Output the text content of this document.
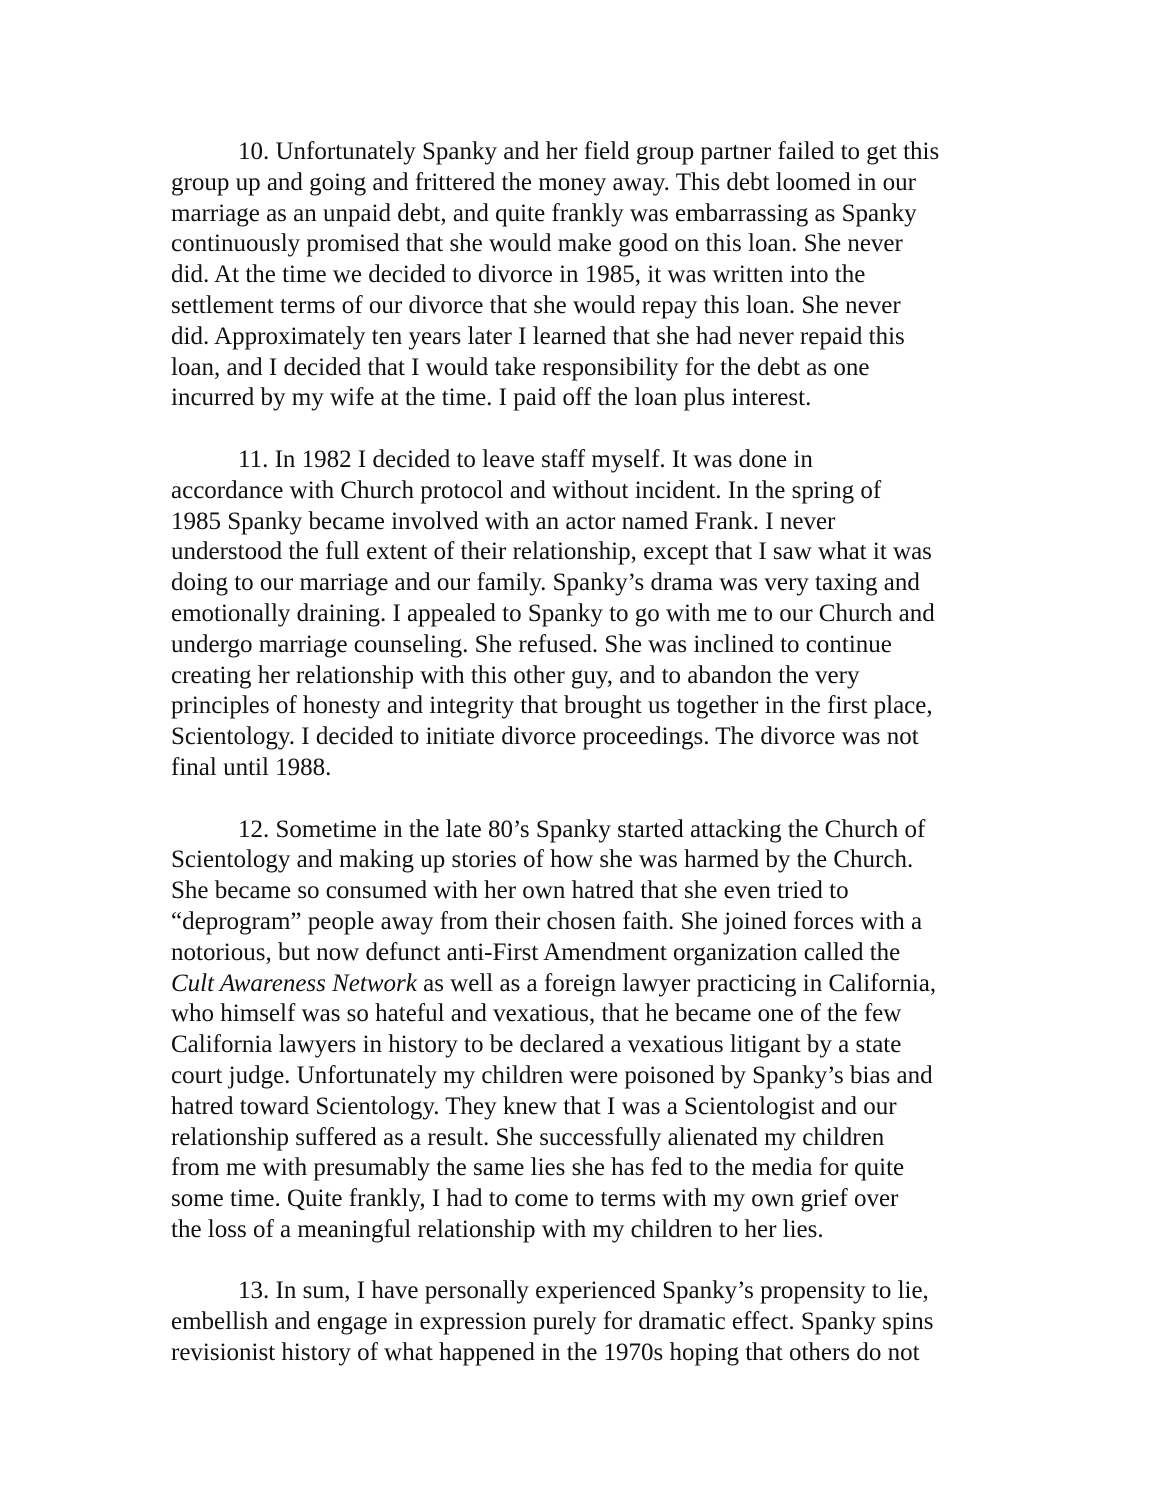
10. Unfortunately Spanky and her field group partner failed to get this
group up and going and frittered the money away. This debt loomed in our
marriage as an unpaid debt, and quite frankly was embarrassing as Spanky
continuously promised that she would make good on this loan. She never
did. At the time we decided to divorce in 1985, it was written into the
settlement terms of our divorce that she would repay this loan. She never
did. Approximately ten years later I learned that she had never repaid this
loan, and I decided that I would take responsibility for the debt as one
incurred by my wife at the time. I paid off the loan plus interest.

11. In 1982 I decided to leave staff myself. It was done in
accordance with Church protocol and without incident. In the spring of
1985 Spanky became involved with an actor named Frank. I never
understood the full extent of their relationship, except that I saw what it was
doing to our marriage and our family. Spanky’s drama was very taxing and
emotionally draining. I appealed to Spanky to go with me to our Church and
undergo marriage counseling. She refused. She was inclined to continue
creating her relationship with this other guy, and to abandon the very
principles of honesty and integrity that brought us together in the first place,
Scientology. I decided to initiate divorce proceedings. The divorce was not
final until 1988.

12. Sometime in the late 80’s Spanky started attacking the Church of
Scientology and making up stories of how she was harmed by the Church.
She became so consumed with her own hatred that she even tried to
“deprogram” people away from their chosen faith. She joined forces with a
notorious, but now defunct anti-First Amendment organization called the
Cult Awareness Network as well as a foreign lawyer practicing in California,
who himself was so hateful and vexatious, that he became one of the few
California lawyers in history to be declared a vexatious litigant by a state
court judge. Unfortunately my children were poisoned by Spanky’s bias and
hatred toward Scientology. They knew that I was a Scientologist and our
relationship suffered as a result. She successfully alienated my children
from me with presumably the same lies she has fed to the media for quite
some time. Quite frankly, I had to come to terms with my own grief over
the loss of a meaningful relationship with my children to her lies.

13. In sum, I have personally experienced Spanky’s propensity to lie,
embellish and engage in expression purely for dramatic effect. Spanky spins
revisionist history of what happened in the 1970s hoping that others do not
